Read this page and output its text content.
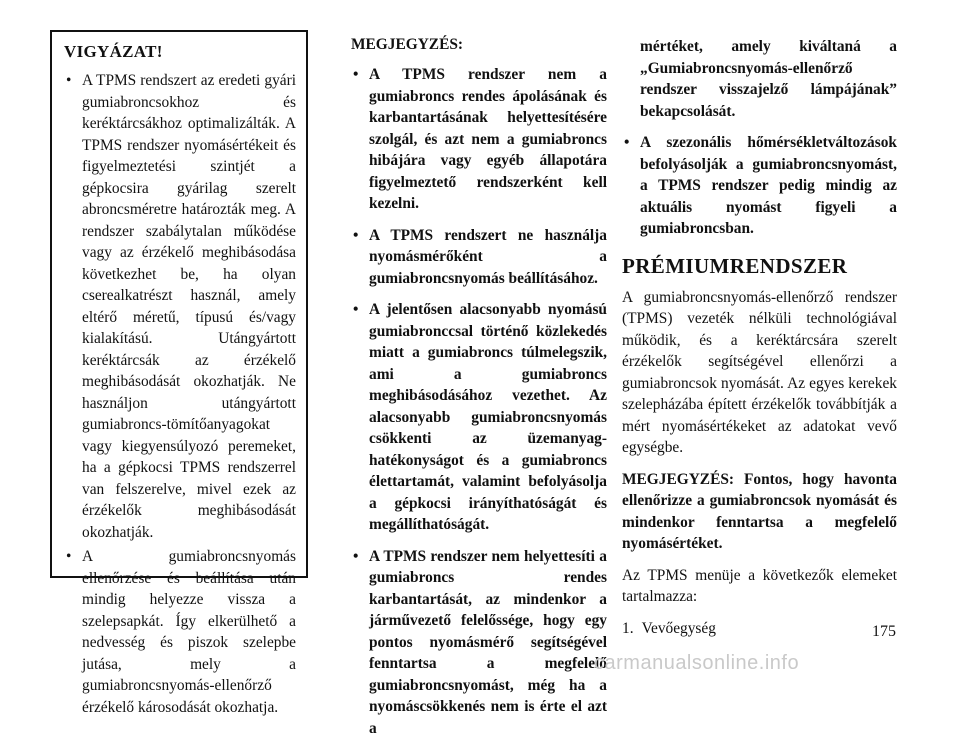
VIGYÁZAT!
• A TPMS rendszert az eredeti gyári gumiabroncsokhoz és keréktárcsákhoz optimalizálták. A TPMS rendszer nyomásértékeit és figyelmeztetési szintjét a gépkocsira gyárilag szerelt abroncsméretre határozták meg. A rendszer szabálytalan működése vagy az érzékelő meghibásodása következhet be, ha olyan cserealkatrészt használ, amely eltérő méretű, típusú és/vagy kialakítású. Utángyártott keréktárcsák az érzékelő meghibásodását okozhatják. Ne használjon utángyártott gumiabroncs-tömítőanyagokat vagy kiegyensúlyozó peremeket, ha a gépkocsi TPMS rendszerrel van felszerelve, mivel ezek az érzékelők meghibásodását okozhatják.
• A gumiabroncsnyomás ellenőrzése és beállítása után mindig helyezze vissza a szelepsapkát. Így elkerülhető a nedvesség és piszok szelepbe jutása, mely a gumiabroncsnyomás-ellenőrző érzékelő károsodását okozhatja.
MEGJEGYZÉS:
• A TPMS rendszer nem a gumiabroncs rendes ápolásának és karbantartásának helyettesítésére szolgál, és azt nem a gumiabroncs hibájára vagy egyéb állapotára figyelmeztető rendszerként kell kezelni.
• A TPMS rendszert ne használja nyomásmérőként a gumiabroncsnyomás beállításához.
• A jelentősen alacsonyabb nyomású gumiabronccsal történő közlekedés miatt a gumiabroncs túlmelegszik, ami a gumiabroncs meghibásodásához vezethet. Az alacsonyabb gumiabroncsnyomás csökkenti az üzemanyag-hatékonyságot és a gumiabroncs élettartamát, valamint befolyásolja a gépkocsi irányíthatóságát és megállíthatóságát.
• A TPMS rendszer nem helyettesíti a gumiabroncs rendes karbantartását, az mindenkor a járművezető felelőssége, hogy egy pontos nyomásmérő segítségével fenntartsa a megfelelő gumiabroncsnyomást, még ha a nyomáscsökkenés nem is érte el azt a
mértéket, amely kiváltaná a „Gumiabroncsnyomás-ellenőrző rendszer visszajelző lámpájának” bekapcsolását.
• A szezonális hőmérsékletváltozások befolyásolják a gumiabroncsnyomást, a TPMS rendszer pedig mindig az aktuális nyomást figyeli a gumiabroncsban.
PRÉMIUMRENDSZER
A gumiabroncsnyomás-ellenőrző rendszer (TPMS) vezeték nélküli technológiával működik, és a keréktárcsára szerelt érzékelők segítségével ellenőrzi a gumiabroncsok nyomását. Az egyes kerekek szelepházába épített érzékelők továbbítják a mért nyomásértékeket az adatokat vevő egységbe.
MEGJEGYZÉS: Fontos, hogy havonta ellenőrizze a gumiabroncsok nyomását és mindenkor fenntartsa a megfelelő nyomásértéket.
Az TPMS menüje a következők elemeket tartalmazza:
1. Vevőegység	175
carmanualsonline.info
